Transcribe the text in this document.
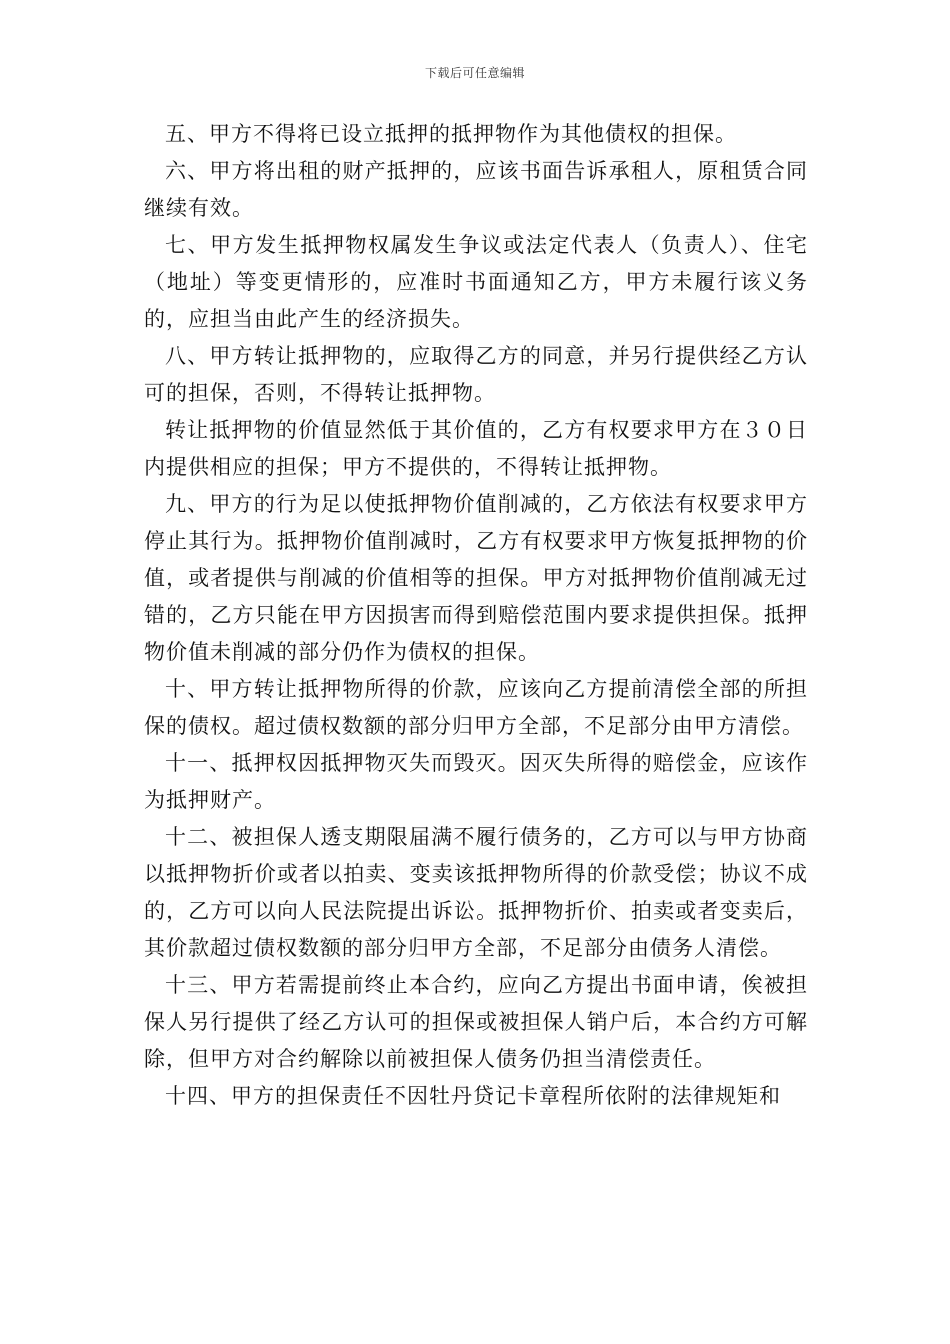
下载后可任意编辑

五、甲方不得将已设立抵押的抵押物作为其他债权的担保。

六、甲方将出租的财产抵押的，应该书面告诉承租人，原租赁合同继续有效。

七、甲方发生抵押物权属发生争议或法定代表人（负责人）、住宅（地址）等变更情形的，应准时书面通知乙方，甲方未履行该义务的，应担当由此产生的经济损失。

八、甲方转让抵押物的，应取得乙方的同意，并另行提供经乙方认可的担保，否则，不得转让抵押物。

转让抵押物的价值显然低于其价值的，乙方有权要求甲方在３０日内提供相应的担保；甲方不提供的，不得转让抵押物。

九、甲方的行为足以使抵押物价值削减的，乙方依法有权要求甲方停止其行为。抵押物价值削减时，乙方有权要求甲方恢复抵押物的价值，或者提供与削减的价值相等的担保。甲方对抵押物价值削减无过错的，乙方只能在甲方因损害而得到赔偿范围内要求提供担保。抵押物价值未削减的部分仍作为债权的担保。

十、甲方转让抵押物所得的价款，应该向乙方提前清偿全部的所担保的债权。超过债权数额的部分归甲方全部，不足部分由甲方清偿。

十一、抵押权因抵押物灭失而毁灭。因灭失所得的赔偿金，应该作为抵押财产。

十二、被担保人透支期限届满不履行债务的，乙方可以与甲方协商以抵押物折价或者以拍卖、变卖该抵押物所得的价款受偿；协议不成的，乙方可以向人民法院提出诉讼。抵押物折价、拍卖或者变卖后，其价款超过债权数额的部分归甲方全部，不足部分由债务人清偿。

十三、甲方若需提前终止本合约，应向乙方提出书面申请，俟被担保人另行提供了经乙方认可的担保或被担保人销户后，本合约方可解除，但甲方对合约解除以前被担保人债务仍担当清偿责任。

十四、甲方的担保责任不因牡丹贷记卡章程所依附的法律规矩和
